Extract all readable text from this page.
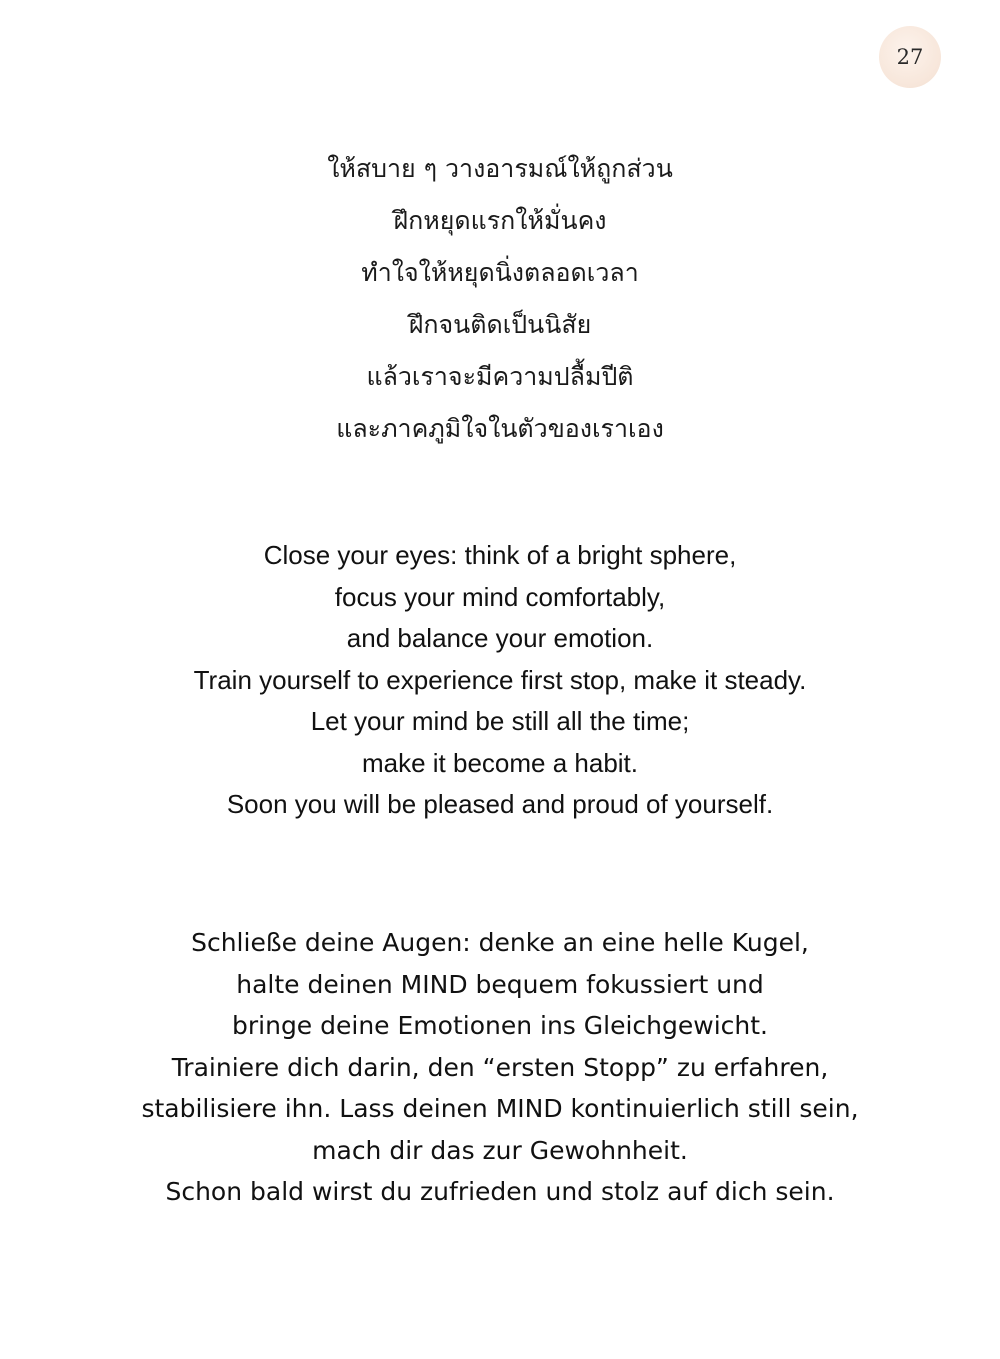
27
ให้สบาย ๆ วางอารมณ์ให้ถูกส่วน
ฝึกหยุดแรกให้มั่นคง
ทำใจให้หยุดนิ่งตลอดเวลา
ฝึกจนติดเป็นนิสัย
แล้วเราจะมีความปลื้มปีติ
และภาคภูมิใจในตัวของเราเอง
Close your eyes: think of a bright sphere,
focus your mind comfortably,
and balance your emotion.
Train yourself to experience first stop, make it steady.
Let your mind be still all the time;
make it become a habit.
Soon you will be pleased and proud of yourself.
Schließe deine Augen: denke an eine helle Kugel,
halte deinen MIND bequem fokussiert und
bringe deine Emotionen ins Gleichgewicht.
Trainiere dich darin, den “ersten Stopp” zu erfahren,
stabilisiere ihn. Lass deinen MIND kontinuierlich still sein,
mach dir das zur Gewohnheit.
Schon bald wirst du zufrieden und stolz auf dich sein.
